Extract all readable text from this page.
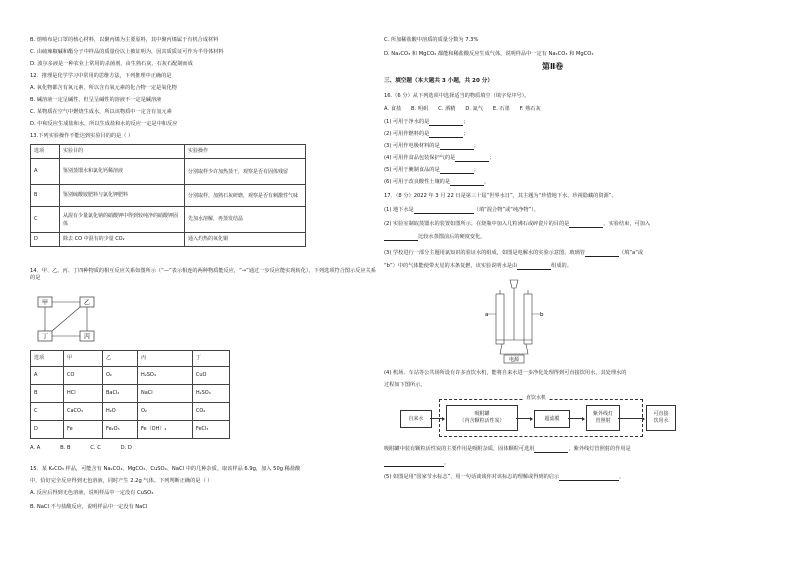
B. 熔喷布是口罩的核心材料，以聚丙烯为主要原料，其中聚丙烯属于有机合成材料
C. 由硫辣椒碱和酯分子中样品的质量份以上被证明为，因其质质证可作为半导体材料
D. 波尔多液是一种农业上常用的杀菌剂，由生熟石灰、石灰石配制而成
12．推理是化学学习中常用的思维方法，下列推理中正确的是
A. 氧化物都含有氧元素，所以含有氧元素的化合物一定是氧化物
B. 碱溶液一定呈碱性，但呈呈碱性的溶液不一定是碱溶液
C. 某物质在空气中燃烧生成水，所以该物质中一定含有氢元素
D. 中和反应生成盐和水，所以生成盐和水的反应一定是中和反应
13.下列实验操作不能达到实验目的的是（ ）
选项	实验目的	实验操作
A	鉴别蒸馏水和氯化钙稀溶液	分别取样少许加热蒸干，观察是否有固体残留
B	鉴别硫酸铵肥料与氯化钾肥料	分别取样，加熟石灰研磨，观察是否有刺激性气味
C	从混有少量氯化钠的硝酸钾中得到较纯净的硝酸钾固体	先加水溶解，再蒸发结晶
D	除去 CO 中混有的少量 CO₂	通入灼热的氧化铜
14．甲、乙、丙、丁四种物质的相互反应关系如图所示（“—”表示相连的两种物质能反应，“→”通过一步反应能实现转化），下列选项符合图示反应关系的是
甲	乙
丁	丙
选项	甲	乙	丙	丁
A	CO	O₂	H₂SO₄	CuO
B	HCl	BaCl₂	NaCl	H₂SO₄
C	CaCO₃	H₂O	O₂	CO₂
D	Fe	Fe₂O₃	Fe（OH）₂	FeCl₃
A. A            B. B            C. C            D. D
15．某 K₂CO₃ 样品，可能含有 Na₂CO₃、MgCO₃、CuSO₄、NaCl 中的几种杂质。取该样品 6.9g，加入 50g 稀盐酸
中，恰好完全反应得到无色溶液，同时产生 2.2g 气体。下列判断正确的是（ ）
A. 反应后得到无色溶液，说明样品中一定没有 CuSO₄
B. NaCl 不与盐酸反应，说明样品中一定没有 NaCl
C. 所加稀盐酸中溶质的质量分数为 7.3%
D. Na₂CO₃ 和 MgCO₃ 都能和稀盐酸反应生成气体，说明样品中一定有 Na₂CO₃ 和 MgCO₃
第Ⅱ卷
三、填空题（本大题共 3 小题，共 20 分）
16.（6 分）从下列选项中选择适当的物质填空（填字母序号）。
A. 食盐      B. 明矾      C. 酒精      D. 氮气      E. 石墨      F. 熟石灰
(1) 可用于净水的是	；
(2) 可用作燃料的是	；
(3) 可用作电极材料的是	；
(4) 可用作食品包装保护气的是	；
(5) 可用于腌制食品的是	；
(6) 可用于改良酸性土壤的是	。
17．（8 分）2022 年 3 月 22 日是第三十届“世界水日”，其主题为“珍惜地下水，珍视隐藏的资源”。
(1) 地下水是	（填“混合物”或“纯净物”）。
(2) 实验室制取蒸馏水的装置如图所示。在烧瓶中加入几粒沸石或碎瓷片的目的是	。实验结束，可加入
比较水蒸馏前后的硬度变化。
(3) 学校进行一部分主题用氯知识的验证水的组成，如图是电解水的实验示意图，玻璃管	（填“a”或
“b”）中的气体能使带火星的木条复燃，该实验说明水是由	组成的。
a	b
电源
(4) 机场、车站等公共场所设有许多直饮水机，能将自来水进一步净化处理得到可直接饮用水，其处理水的
过程如下图所示。
直饮水机
自来水
吸附罐
（内含颗粒活性炭）	超滤膜
紫外线灯
管照射
可直接
饮用水
吸附罐中装有颗粒活性炭的主要作用是吸附杂质，固体颗粒可选用	，紫外线灯管照射的作用是
。
(5) 如图是用“国家节水标志”，用一句话谈谈你对该标志的理解或得到的启示	。
